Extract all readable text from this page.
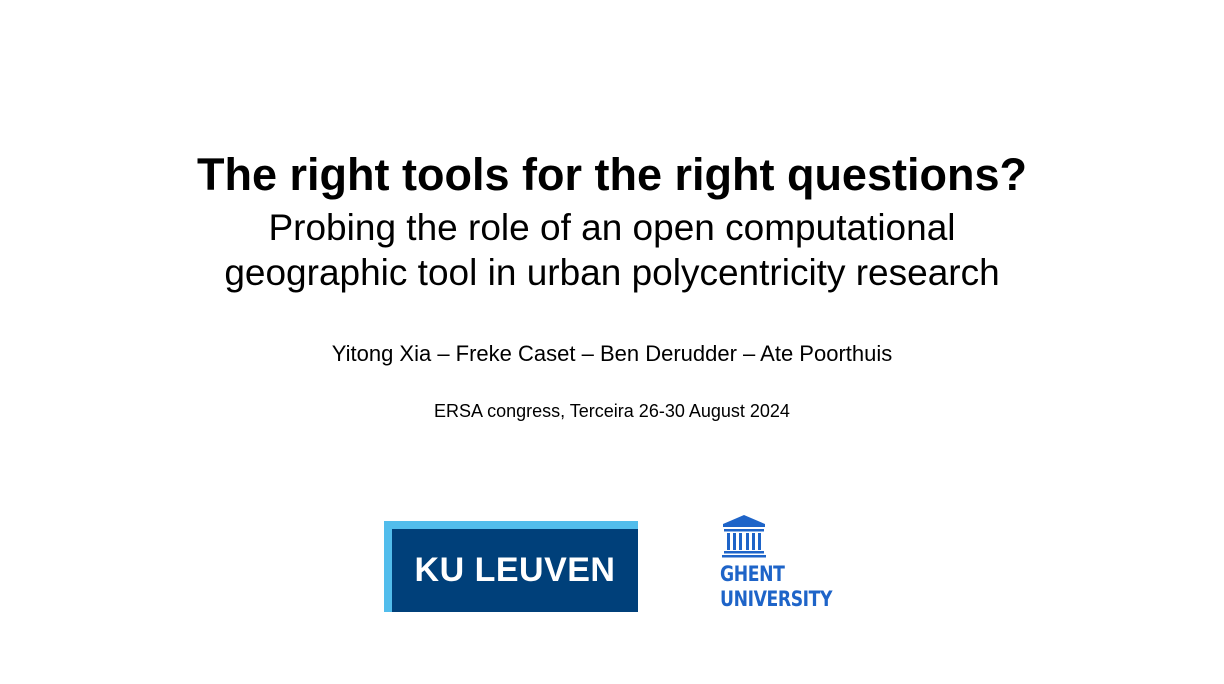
The right tools for the right questions?
Probing the role of an open computational
geographic tool in urban polycentricity research
Yitong Xia – Freke Caset – Ben Derudder – Ate Poorthuis
ERSA congress, Terceira 26-30 August 2024
KU LEUVEN	GHENT
UNIVERSITY
